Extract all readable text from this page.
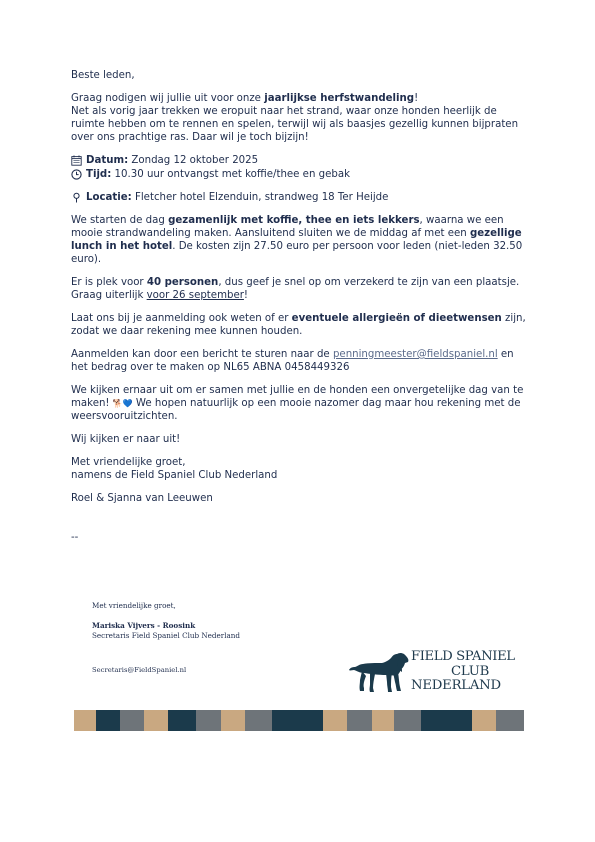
Beste leden,

Graag nodigen wij jullie uit voor onze jaarlijkse herfstwandeling!
Net als vorig jaar trekken we eropuit naar het strand, waar onze honden heerlijk de ruimte hebben om te rennen en spelen, terwijl wij als baasjes gezellig kunnen bijpraten over ons prachtige ras. Daar wil je toch bijzijn!

Datum: Zondag 12 oktober 2025
Tijd: 10.30 uur ontvangst met koffie/thee en gebak
Locatie: Fletcher hotel Elzenduin, strandweg 18 Ter Heijde

We starten de dag gezamenlijk met koffie, thee en iets lekkers, waarna we een mooie strandwandeling maken. Aansluitend sluiten we de middag af met een gezellige lunch in het hotel. De kosten zijn 27.50 euro per persoon voor leden (niet-leden 32.50 euro).

Er is plek voor 40 personen, dus geef je snel op om verzekerd te zijn van een plaatsje. Graag uiterlijk voor 26 september!

Laat ons bij je aanmelding ook weten of er eventuele allergieën of dieetwensen zijn, zodat we daar rekening mee kunnen houden.

Aanmelden kan door een bericht te sturen naar de penningmeester@fieldspaniel.nl en het bedrag over te maken op NL65 ABNA 0458449326

We kijken ernaar uit om er samen met jullie en de honden een onvergetelijke dag van te maken! 🐕💙 We hopen natuurlijk op een mooie nazomer dag maar hou rekening met de weersvooruitzichten.

Wij kijken er naar uit!

Met vriendelijke groet,

namens de Field Spaniel Club Nederland

Roel & Sjanna van Leeuwen

--

Met vriendelijke groet,
Mariska Vijvers - Roosink
Secretaris Field Spaniel Club Nederland
Secretaris@FieldSpaniel.nl
FIELD SPANIEL
CLUB
NEDERLAND
